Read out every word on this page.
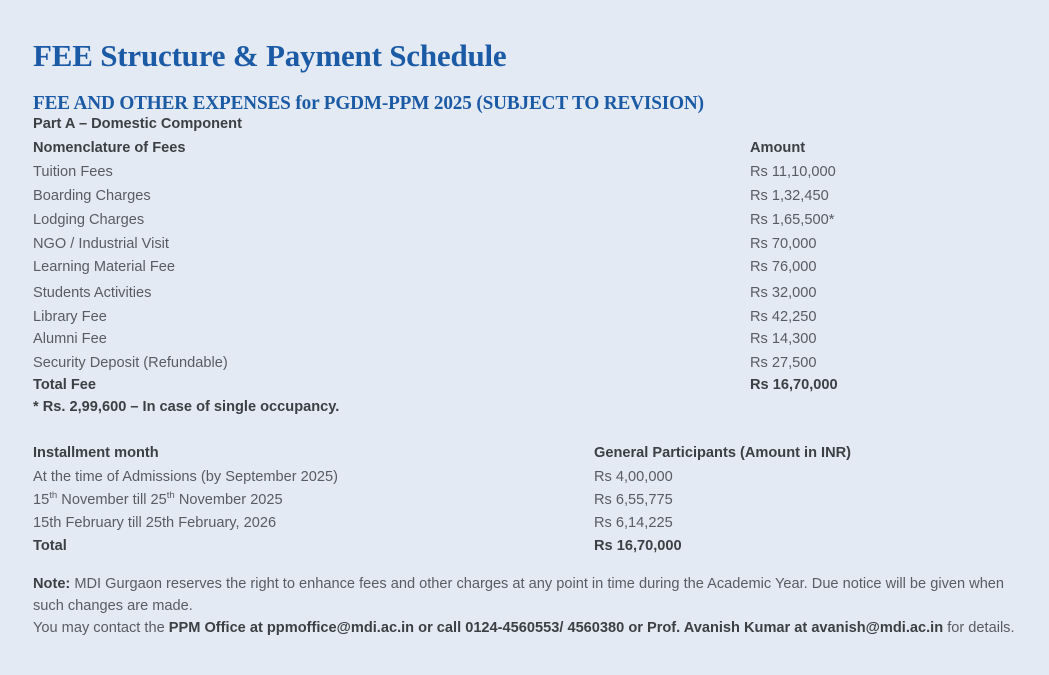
FEE Structure & Payment Schedule
FEE AND OTHER EXPENSES for PGDM-PPM 2025 (SUBJECT TO REVISION)
Part A – Domestic Component
Nomenclature of Fees	Amount
Tuition Fees	Rs 11,10,000
Boarding Charges	Rs 1,32,450
Lodging Charges	Rs 1,65,500*
NGO / Industrial Visit	Rs 70,000
Learning Material Fee	Rs 76,000
Students Activities	Rs 32,000
Library Fee	Rs 42,250
Alumni Fee	Rs 14,300
Security Deposit (Refundable)	Rs 27,500
Total Fee	Rs 16,70,000
* Rs. 2,99,600 – In case of single occupancy.
Installment month	General Participants (Amount in INR)
At the time of Admissions (by September 2025)	Rs 4,00,000
15th November till 25th November 2025	Rs 6,55,775
15th February till 25th February, 2026	Rs 6,14,225
Total	Rs 16,70,000
Note: MDI Gurgaon reserves the right to enhance fees and other charges at any point in time during the Academic Year. Due notice will be given when
such changes are made.
You may contact the PPM Office at ppmoffice@mdi.ac.in or call 0124-4560553/ 4560380 or Prof. Avanish Kumar at avanish@mdi.ac.in for details.
